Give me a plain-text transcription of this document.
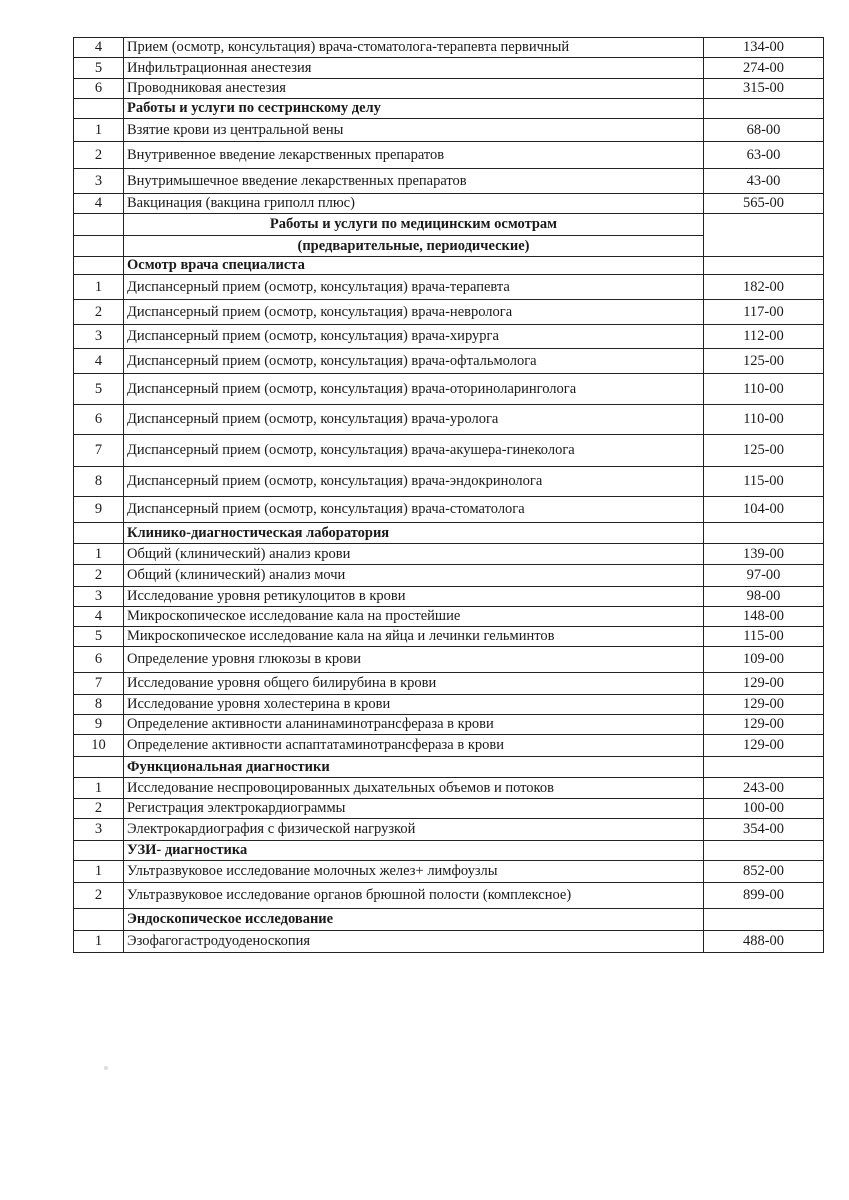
4	Прием (осмотр, консультация) врача-стоматолога-терапевта первичный	134-00
5	Инфильтрационная анестезия	274-00
6	Проводниковая анестезия	315-00
	Работы и услуги по сестринскому делу	
1	Взятие крови из центральной вены	68-00
2	Внутривенное введение лекарственных препаратов	63-00
3	Внутримышечное введение лекарственных препаратов	43-00
4	Вакцинация (вакцина гриполл плюс)	565-00
	Работы и услуги по медицинским осмотрам	
	(предварительные, периодические)	
	Осмотр врача специалиста	
1	Диспансерный прием (осмотр, консультация) врача-терапевта	182-00
2	Диспансерный прием (осмотр, консультация) врача-невролога	117-00
3	Диспансерный прием (осмотр, консультация) врача-хирурга	112-00
4	Диспансерный прием (осмотр, консультация) врача-офтальмолога	125-00
5	Диспансерный прием (осмотр, консультация) врача-оториноларинголога	110-00
6	Диспансерный прием (осмотр, консультация) врача-уролога	110-00
7	Диспансерный прием (осмотр, консультация) врача-акушера-гинеколога	125-00
8	Диспансерный прием (осмотр, консультация) врача-эндокринолога	115-00
9	Диспансерный прием (осмотр, консультация) врача-стоматолога	104-00
	Клинико-диагностическая лаборатория	
1	Общий (клинический) анализ крови	139-00
2	Общий (клинический) анализ мочи	97-00
3	Исследование уровня ретикулоцитов в крови	98-00
4	Микроскопическое исследование кала на простейшие	148-00
5	Микроскопическое исследование кала на яйца и лечинки гельминтов	115-00
6	Определение уровня глюкозы в крови	109-00
7	Исследование уровня общего билирубина в крови	129-00
8	Исследование уровня холестерина в крови	129-00
9	Определение активности аланинаминотрансфераза в крови	129-00
10	Определение активности аспаптатаминотрансфераза в крови	129-00
	Функциональная диагностики	
1	Исследование неспровоцированных дыхательных объемов и потоков	243-00
2	Регистрация электрокардиограммы	100-00
3	Электрокардиография с физической нагрузкой	354-00
	УЗИ- диагностика	
1	Ультразвуковое исследование молочных желез+ лимфоузлы	852-00
2	Ультразвуковое исследование органов брюшной полости (комплексное)	899-00
	Эндоскопическое исследование	
1	Эзофагогастродуоденоскопия	488-00
